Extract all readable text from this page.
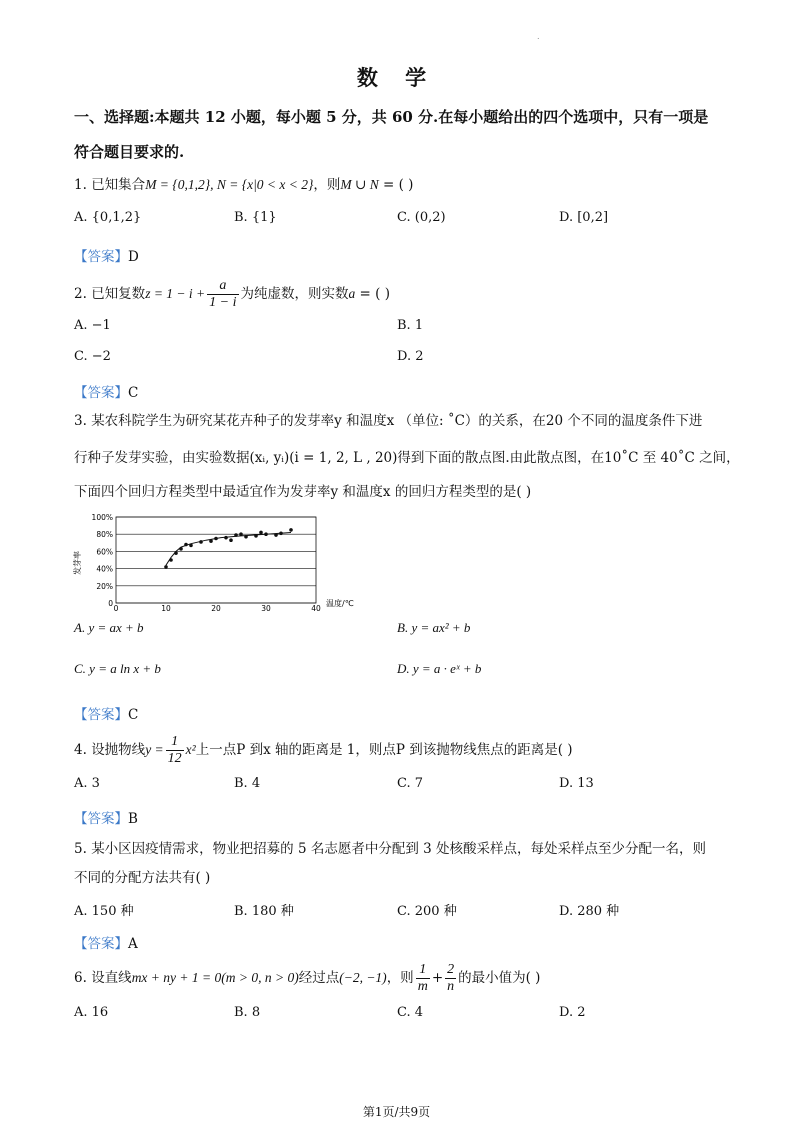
.
数 学
一、选择题:本题共 12 小题，每小题 5 分，共 60 分.在每小题给出的四个选项中，只有一项是
符合题目要求的.
1. 已知集合M = {0,1,2}, N = {x|0 < x < 2}，则M ∪ N = ( )
A. {0,1,2}	B. {1}	C. (0,2)	D. [0,2]
【答案】D
2. 已知复数$z = 1 - i + \frac{a}{1 - i}$ 为纯虚数，则实数a = ( )
A. −1	B. 1
C. −2	D. 2
【答案】C
3. 某农科院学生为研究某花卉种子的发芽率y 和温度x （单位: ˚C）的关系，在20 个不同的温度条件下进
行种子发芽实验，由实验数据(xᵢ, yᵢ)(i = 1, 2, L , 20)得到下面的散点图.由此散点图，在10˚C 至 40˚C 之间，
下面四个回归方程类型中最适宜作为发芽率y 和温度x 的回归方程类型的是( )
0
20%
40%
60%
80%
100%
0	10	20	30	40
发芽率
温度/℃
A. y = ax + b	B. y = ax² + b
C. y = a ln x + b	D. y = a · eˣ + b
【答案】C
4. 设抛物线$y = \frac{1}{12} x^2$上一点P 到x 轴的距离是 1，则点P 到该抛物线焦点的距离是( )
A. 3	B. 4	C. 7	D. 13
【答案】B
5. 某小区因疫情需求，物业把招募的 5 名志愿者中分配到 3 处核酸采样点，每处采样点至少分配一名，则
不同的分配方法共有( )
A. 150 种	B. 180 种	C. 200 种	D. 280 种
【答案】A
6. 设直线mx + ny + 1 = 0(m > 0, n > 0)经过点(−2, −1)，则 $\frac{1}{m} + \frac{2}{n}$ 的最小值为( )
A. 16	B. 8	C. 4	D. 2
第1页/共9页
